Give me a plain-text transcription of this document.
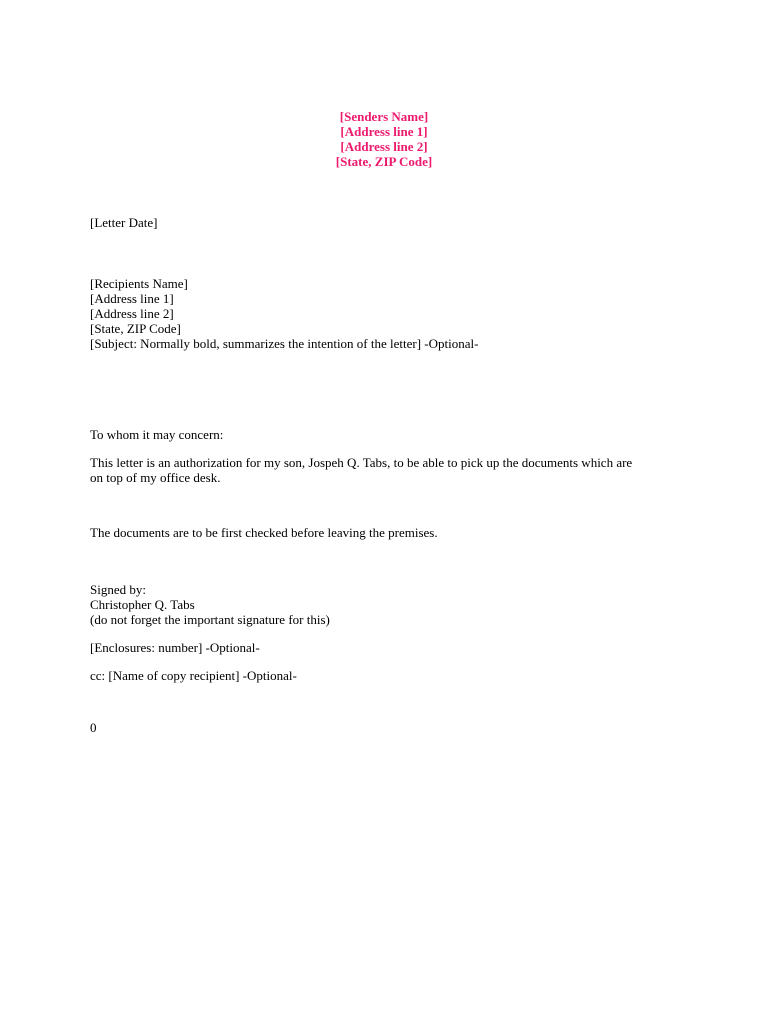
[Senders Name]
[Address line 1]
[Address line 2]
[State, ZIP Code]
[Letter Date]
[Recipients Name]
[Address line 1]
[Address line 2]
[State, ZIP Code]
[Subject: Normally bold, summarizes the intention of the letter] -Optional-
To whom it may concern:
This letter is an authorization for my son, Jospeh Q. Tabs, to be able to pick up the documents which are
on top of my office desk.
The documents are to be first checked before leaving the premises.
Signed by:
Christopher Q. Tabs
(do not forget the important signature for this)
[Enclosures: number] -Optional-
cc: [Name of copy recipient] -Optional-
0
